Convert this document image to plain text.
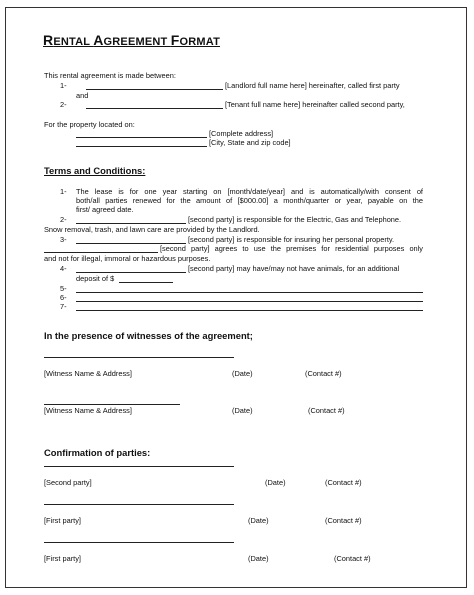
RENTAL AGREEMENT FORMAT
This rental agreement is made between:
1-	[Landlord full name here] hereinafter, called first party
and
2-	[Tenant full name here] hereinafter called second party,
For the property located on:
[Complete address]
[City, State and zip code]
Terms and Conditions:
1- The lease is for one year starting on [month/date/year] and is automatically/with consent of
both/all parties renewed for the amount of [$000.00] a month/quarter or year, payable on the
first/ agreed date.
2-	[second party] is responsible for the Electric, Gas and Telephone.
Snow removal, trash, and lawn care are provided by the Landlord.
3-	[second party] is responsible for insuring her personal property.
[second party] agrees to use the premises for residential purposes only
and not for illegal, immoral or hazardous purposes.
4-	[second party] may have/may not have animals, for an additional
deposit of $
5-
6-
7-
In the presence of witnesses of the agreement;
[Witness Name & Address]	(Date)	(Contact #)
[Witness Name & Address]	(Date)	(Contact #)
Confirmation of parties:
[Second party]	(Date)	(Contact #)
[First party]	(Date)	(Contact #)
[First party]	(Date)	(Contact #)
